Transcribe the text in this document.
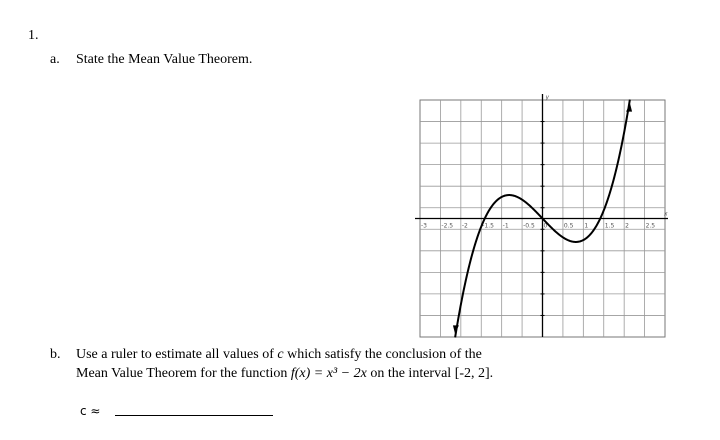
1.
a. State the Mean Value Theorem.
-3 -2.5 -2 -1.5 -1 -0.5 0	0.5 1	1.5 2	2.5
y
x
b. Use a ruler to estimate all values of c which satisfy the conclusion of the
Mean Value Theorem for the function f(x) = x³ − 2x on the interval [-2, 2].
c ≈
